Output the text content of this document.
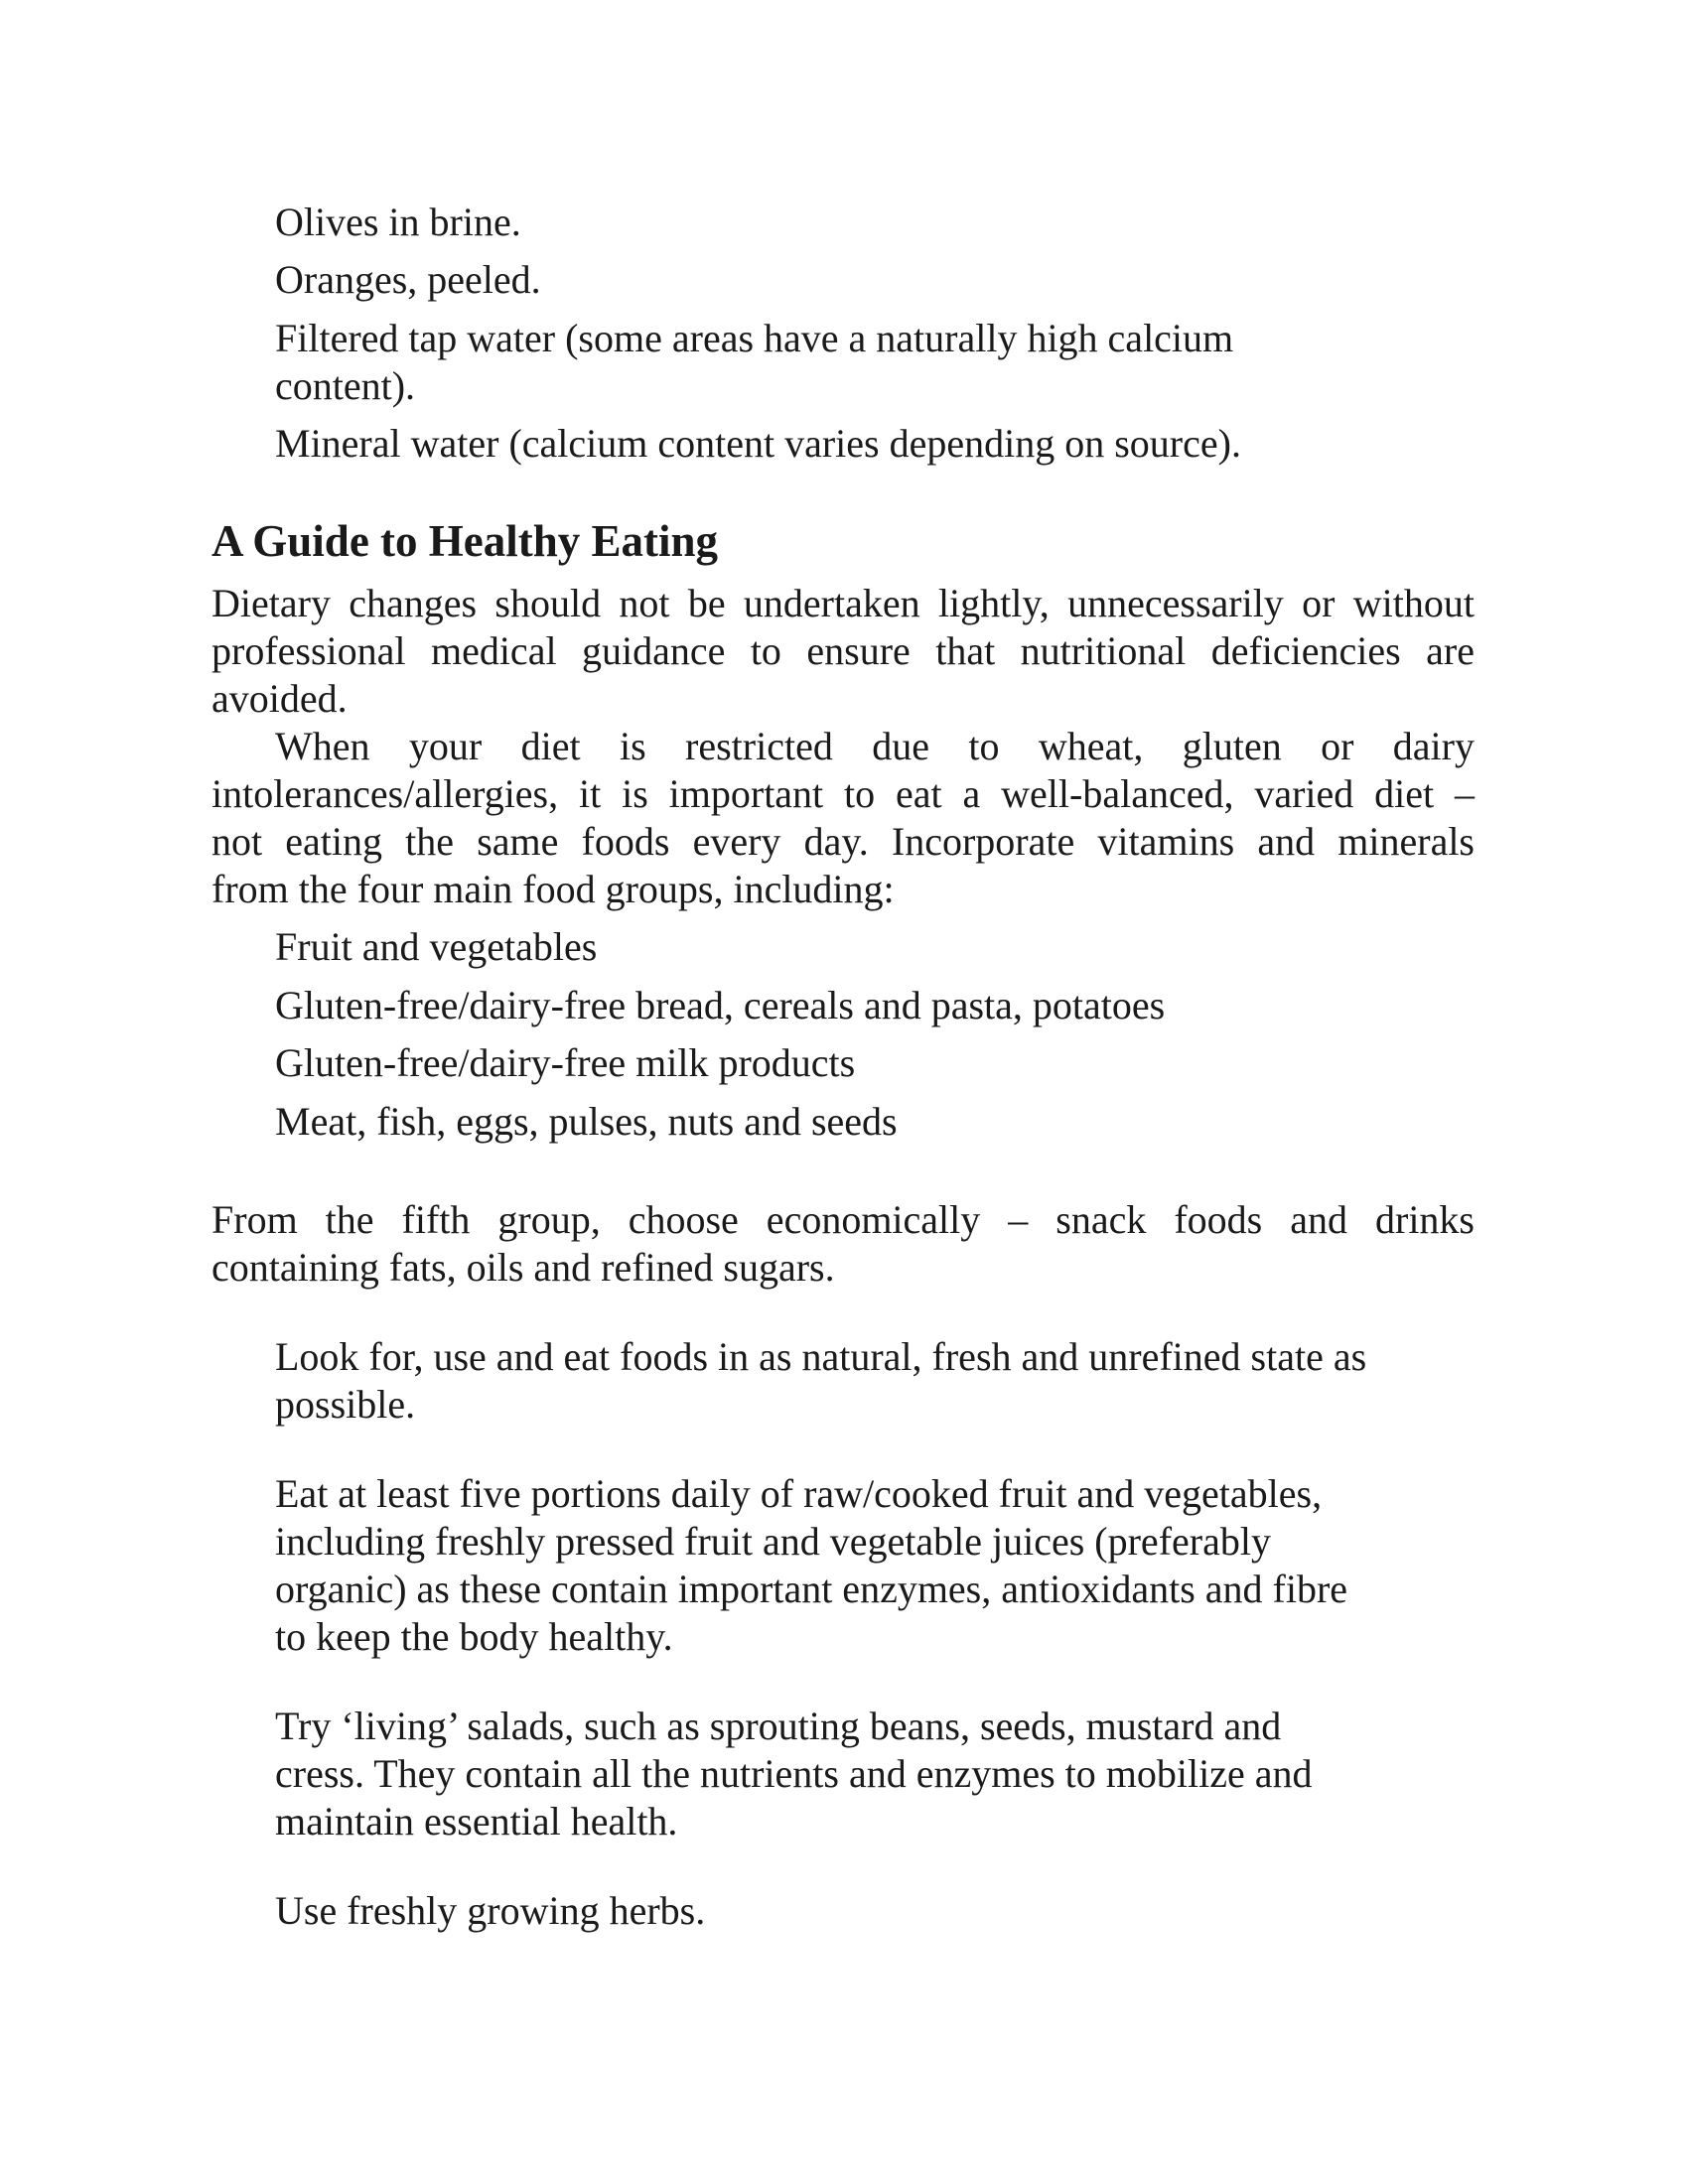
Olives in brine.

Oranges, peeled.

Filtered tap water (some areas have a naturally high calcium

content).

Mineral water (calcium content varies depending on source).

A Guide to Healthy Eating

Dietary changes should not be undertaken lightly, unnecessarily or without

professional medical guidance to ensure that nutritional deficiencies are

avoided.

When your diet is restricted due to wheat, gluten or dairy

intolerances/allergies, it is important to eat a well-balanced, varied diet –

not eating the same foods every day. Incorporate vitamins and minerals

from the four main food groups, including:

Fruit and vegetables

Gluten-free/dairy-free bread, cereals and pasta, potatoes

Gluten-free/dairy-free milk products

Meat, fish, eggs, pulses, nuts and seeds

From the fifth group, choose economically – snack foods and drinks

containing fats, oils and refined sugars.

Look for, use and eat foods in as natural, fresh and unrefined state as

possible.

Eat at least five portions daily of raw/cooked fruit and vegetables,

including freshly pressed fruit and vegetable juices (preferably

organic) as these contain important enzymes, antioxidants and fibre

to keep the body healthy.

Try ‘living’ salads, such as sprouting beans, seeds, mustard and

cress. They contain all the nutrients and enzymes to mobilize and

maintain essential health.

Use freshly growing herbs.
